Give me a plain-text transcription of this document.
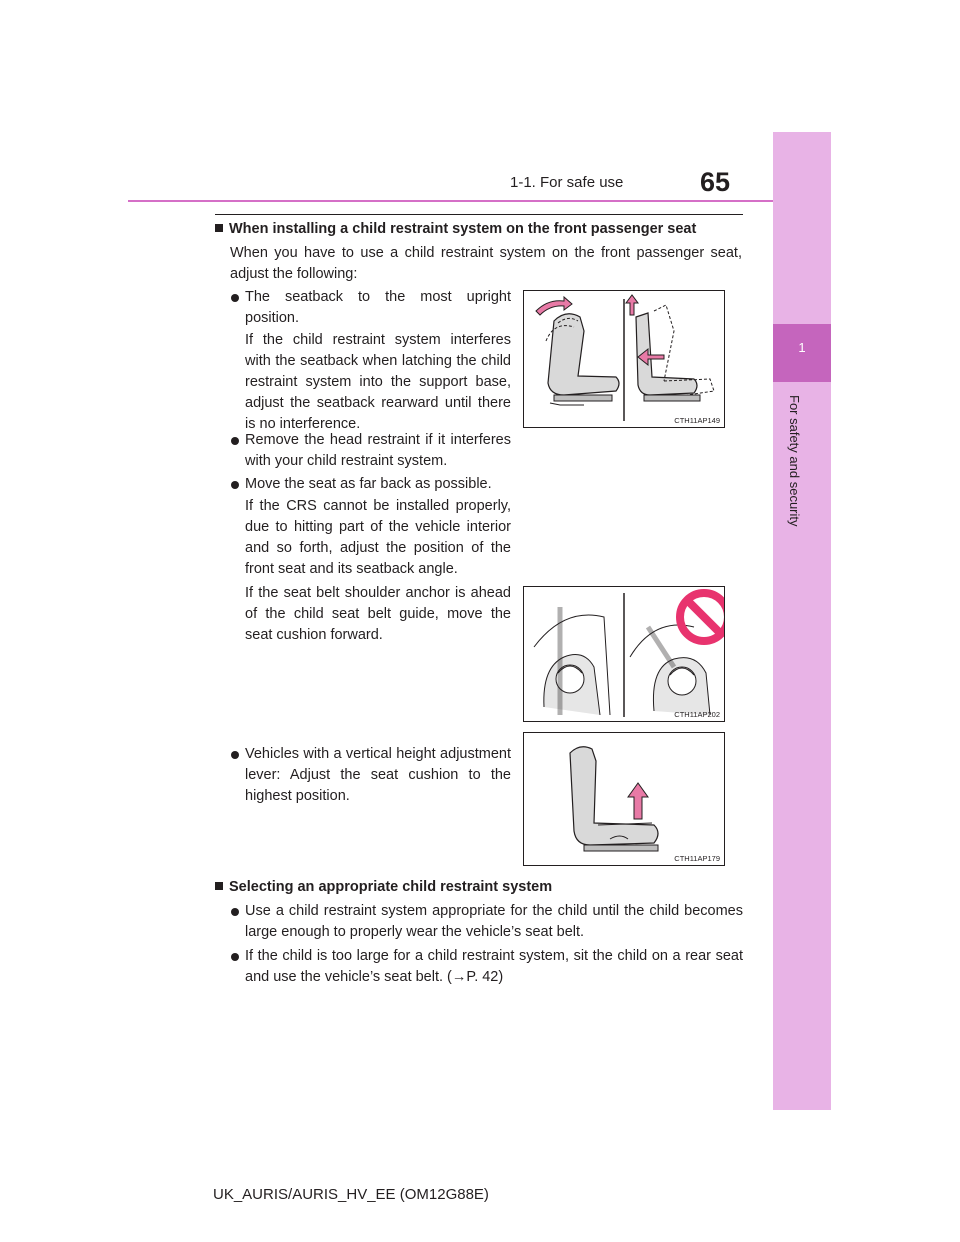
1-1. For safe use	65
1
For safety and security
When installing a child restraint system on the front passenger seat
When you have to use a child restraint system on the front passenger seat, adjust the following:
The seatback to the most upright position.
If the child restraint system interferes with the seatback when latching the child restraint system into the support base, adjust the seatback rearward until there is no interference.
Remove the head restraint if it interferes with your child restraint system.
Move the seat as far back as possible.
If the CRS cannot be installed properly, due to hitting part of the vehicle interior and so forth, adjust the position of the front seat and its seatback angle.
If the seat belt shoulder anchor is ahead of the child seat belt guide, move the seat cushion forward.
Vehicles with a vertical height adjustment lever: Adjust the seat cushion to the highest position.
CTH11AP149
CTH11AP202
CTH11AP179
Selecting an appropriate child restraint system
Use a child restraint system appropriate for the child until the child becomes large enough to properly wear the vehicle’s seat belt.
If the child is too large for a child restraint system, sit the child on a rear seat and use the vehicle’s seat belt. (→P. 42)
UK_AURIS/AURIS_HV_EE (OM12G88E)
